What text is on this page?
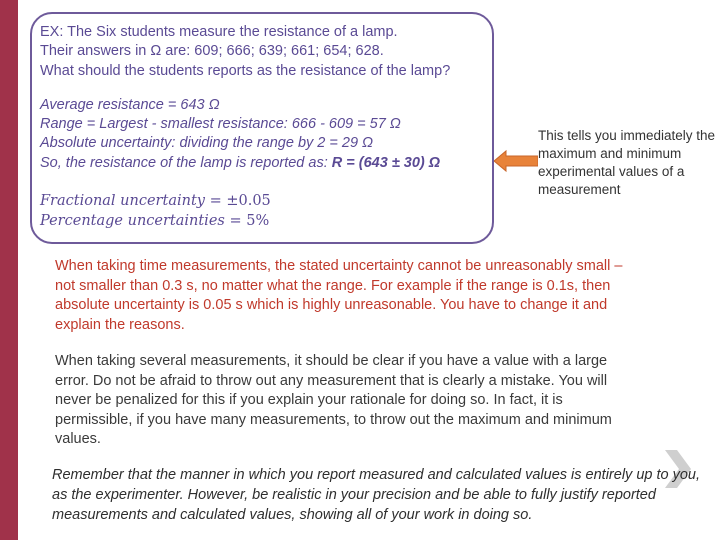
EX: The Six students measure the resistance of a lamp.
Their answers in Ω are: 609; 666; 639; 661; 654; 628.
What should the students reports as the resistance of the lamp?
Average resistance = 643 Ω
Range = Largest - smallest resistance: 666 - 609 = 57 Ω
Absolute uncertainty: dividing the range by 2 = 29 Ω
So, the resistance of the lamp is reported as: R = (643 ± 30) Ω
Fractional uncertainty = ±0.05
Percentage uncertainties = 5%
This tells you immediately the maximum and minimum experimental values of a measurement
When taking time measurements, the stated uncertainty cannot be unreasonably small – not smaller than 0.3 s, no matter what the range. For example if the range is 0.1s, then absolute uncertainty is 0.05 s which is highly unreasonable. You have to change it and explain the reasons.
When taking several measurements, it should be clear if you have a value with a large error. Do not be afraid to throw out any measurement that is clearly a mistake. You will never be penalized for this if you explain your rationale for doing so. In fact, it is permissible, if you have many measurements, to throw out the maximum and minimum values.
Remember that the manner in which you report measured and calculated values is entirely up to you, as the experimenter. However, be realistic in your precision and be able to fully justify reported measurements and calculated values, showing all of your work in doing so.
